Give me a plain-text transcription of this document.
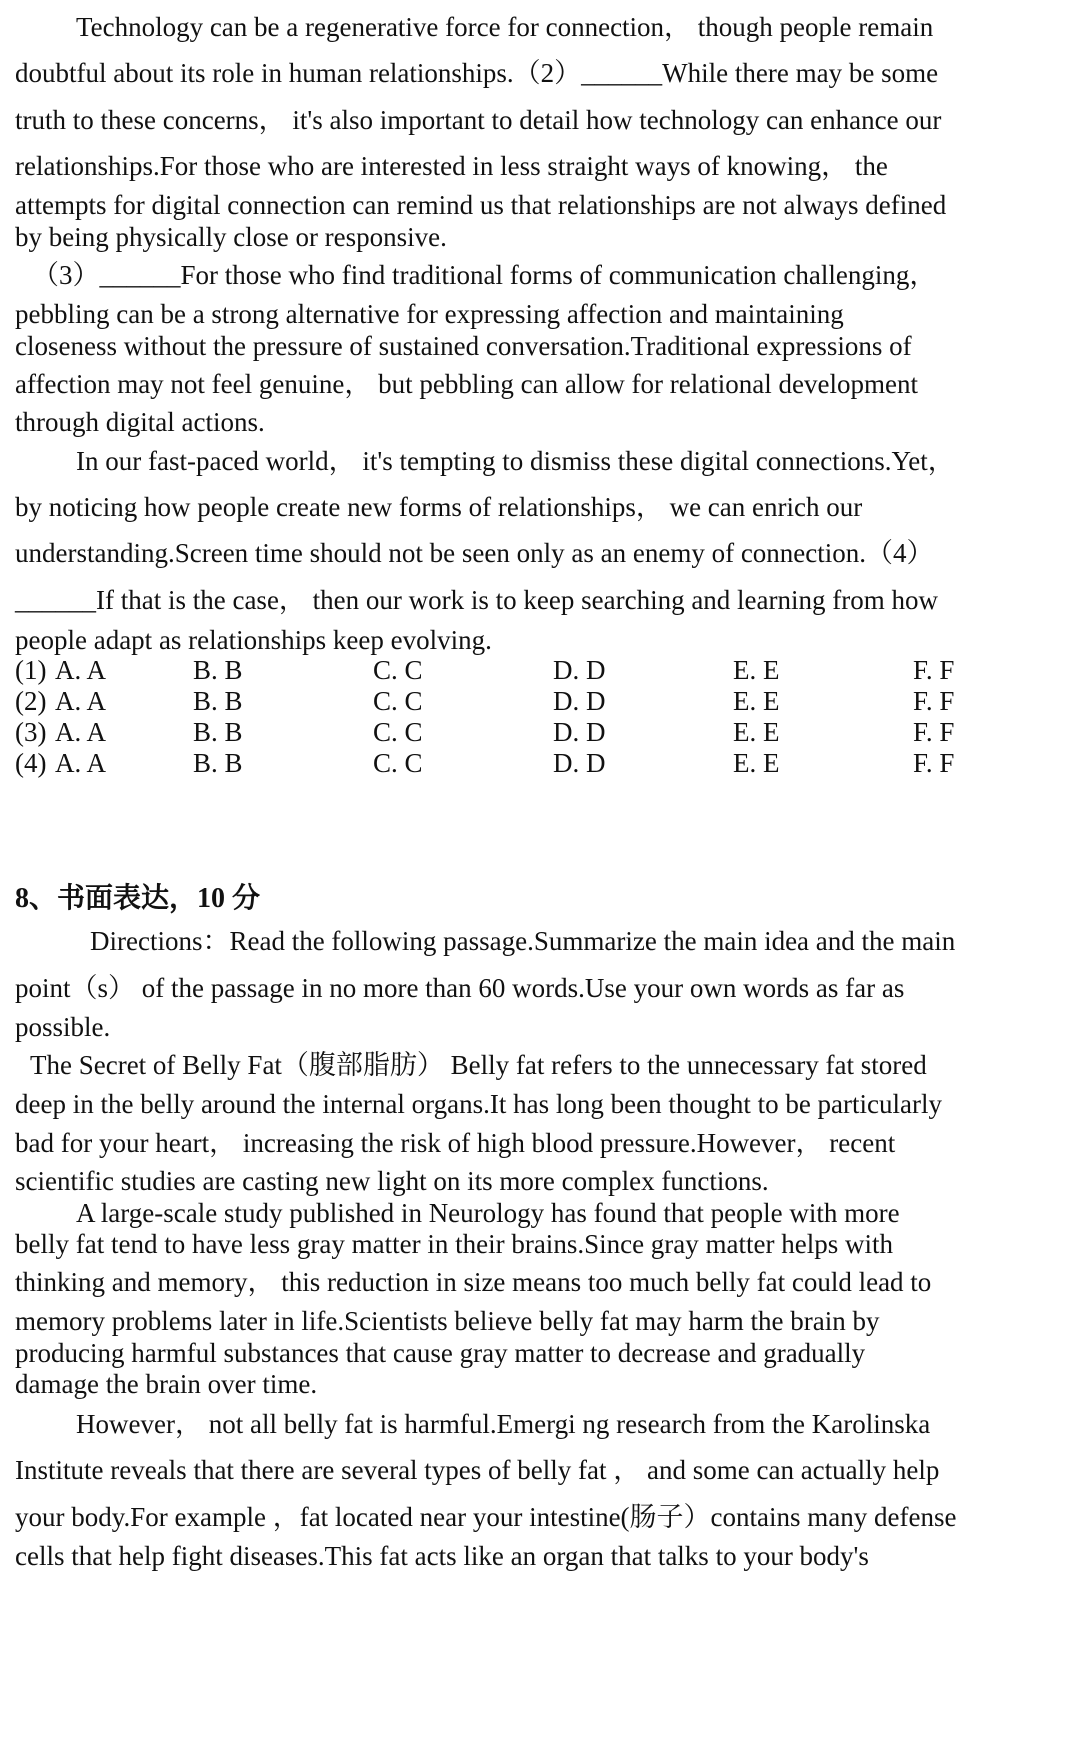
Technology can be a regenerative force for connection， though people remain
doubtful about its role in human relationships.（2）______While there may be some
truth to these concerns， it's also important to detail how technology can enhance our
relationships.For those who are interested in less straight ways of knowing， the
attempts for digital connection can remind us that relationships are not always defined
by being physically close or responsive.
（3）______For those who find traditional forms of communication challenging，
pebbling can be a strong alternative for expressing affection and maintaining
closeness without the pressure of sustained conversation.Traditional expressions of
affection may not feel genuine， but pebbling can allow for relational development
through digital actions.
In our fast-paced world， it's tempting to dismiss these digital connections.Yet，
by noticing how people create new forms of relationships， we can enrich our
understanding.Screen time should not be seen only as an enemy of connection.（4）
______If that is the case， then our work is to keep searching and learning from how
people adapt as relationships keep evolving.
(1) A. A	B. B	C. C	D. D	E. E	F. F
(2) A. A	B. B	C. C	D. D	E. E	F. F
(3) A. A	B. B	C. C	D. D	E. E	F. F
(4) A. A	B. B	C. C	D. D	E. E	F. F
8、书面表达，10 分
Directions：Read the following passage.Summarize the main idea and the main
point（s） of the passage in no more than 60 words.Use your own words as far as
possible.
The Secret of Belly Fat（腹部脂肪） Belly fat refers to the unnecessary fat stored
deep in the belly around the internal organs.It has long been thought to be particularly
bad for your heart， increasing the risk of high blood pressure.However， recent
scientific studies are casting new light on its more complex functions.
A large-scale study published in Neurology has found that people with more
belly fat tend to have less gray matter in their brains.Since gray matter helps with
thinking and memory， this reduction in size means too much belly fat could lead to
memory problems later in life.Scientists believe belly fat may harm the brain by
producing harmful substances that cause gray matter to decrease and gradually
damage the brain over time.
However， not all belly fat is harmful.Emergi ng research from the Karolinska
Institute reveals that there are several types of belly fat ， and some can actually help
your body.For example ，fat located near your intestine(肠子）contains many defense
cells that help fight diseases.This fat acts like an organ that talks to your body's
